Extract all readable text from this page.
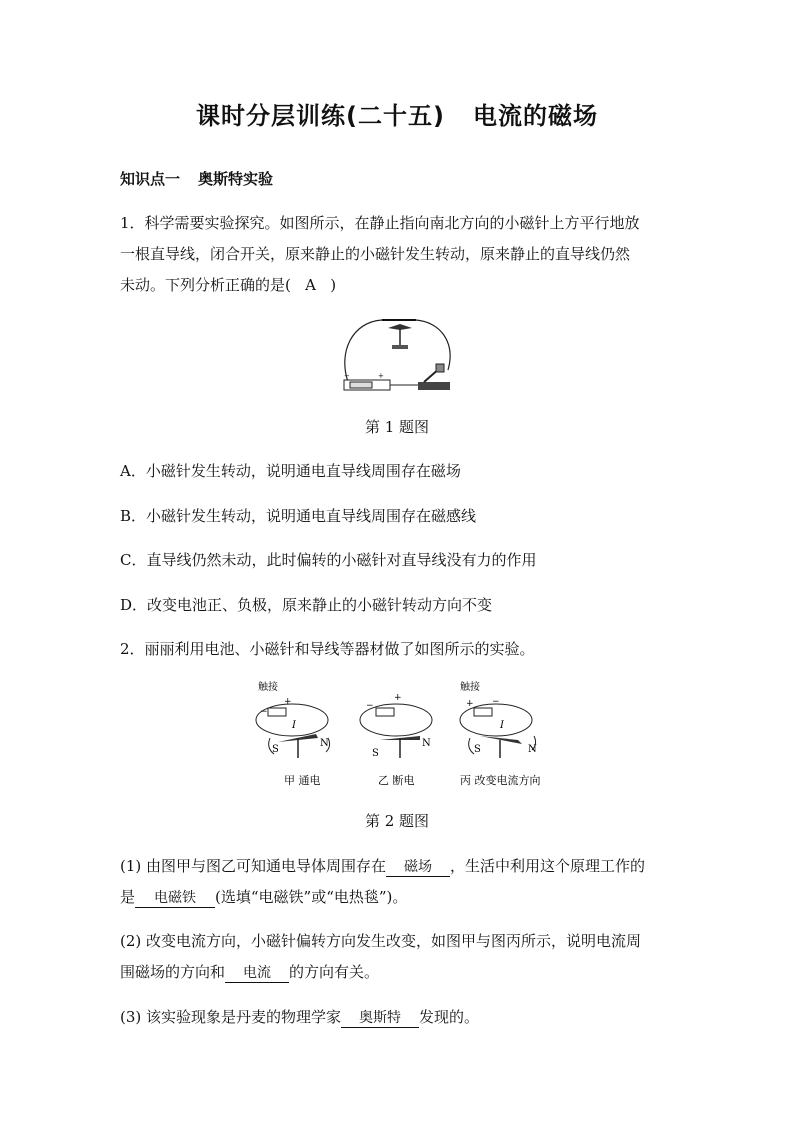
课时分层训练(二十五) 电流的磁场
知识点一 奥斯特实验
1．科学需要实验探究。如图所示，在静止指向南北方向的小磁针上方平行地放
一根直导线，闭合开关，原来静止的小磁针发生转动，原来静止的直导线仍然
未动。下列分析正确的是(   A   )
+
−
第 1 题图
A．小磁针发生转动，说明通电直导线周围存在磁场
B．小磁针发生转动，说明通电直导线周围存在磁感线
C．直导线仍然未动，此时偏转的小磁针对直导线没有力的作用
D．改变电池正、负极，原来静止的小磁针转动方向不变
2．丽丽利用电池、小磁针和导线等器材做了如图所示的实验。
触接
−
+
I
S
N
甲 通电
−
+
S
N
乙 断电
触接
+ −
I
S	N
丙 改变电流方向
第 2 题图
(1) 由图甲与图乙可知通电导体周围存在 磁场 ，生活中利用这个原理工作的
是 电磁铁 (选填“电磁铁”或“电热毯”)。
(2) 改变电流方向，小磁针偏转方向发生改变，如图甲与图丙所示，说明电流周
围磁场的方向和 电流 的方向有关。
(3) 该实验现象是丹麦的物理学家 奥斯特 发现的。
